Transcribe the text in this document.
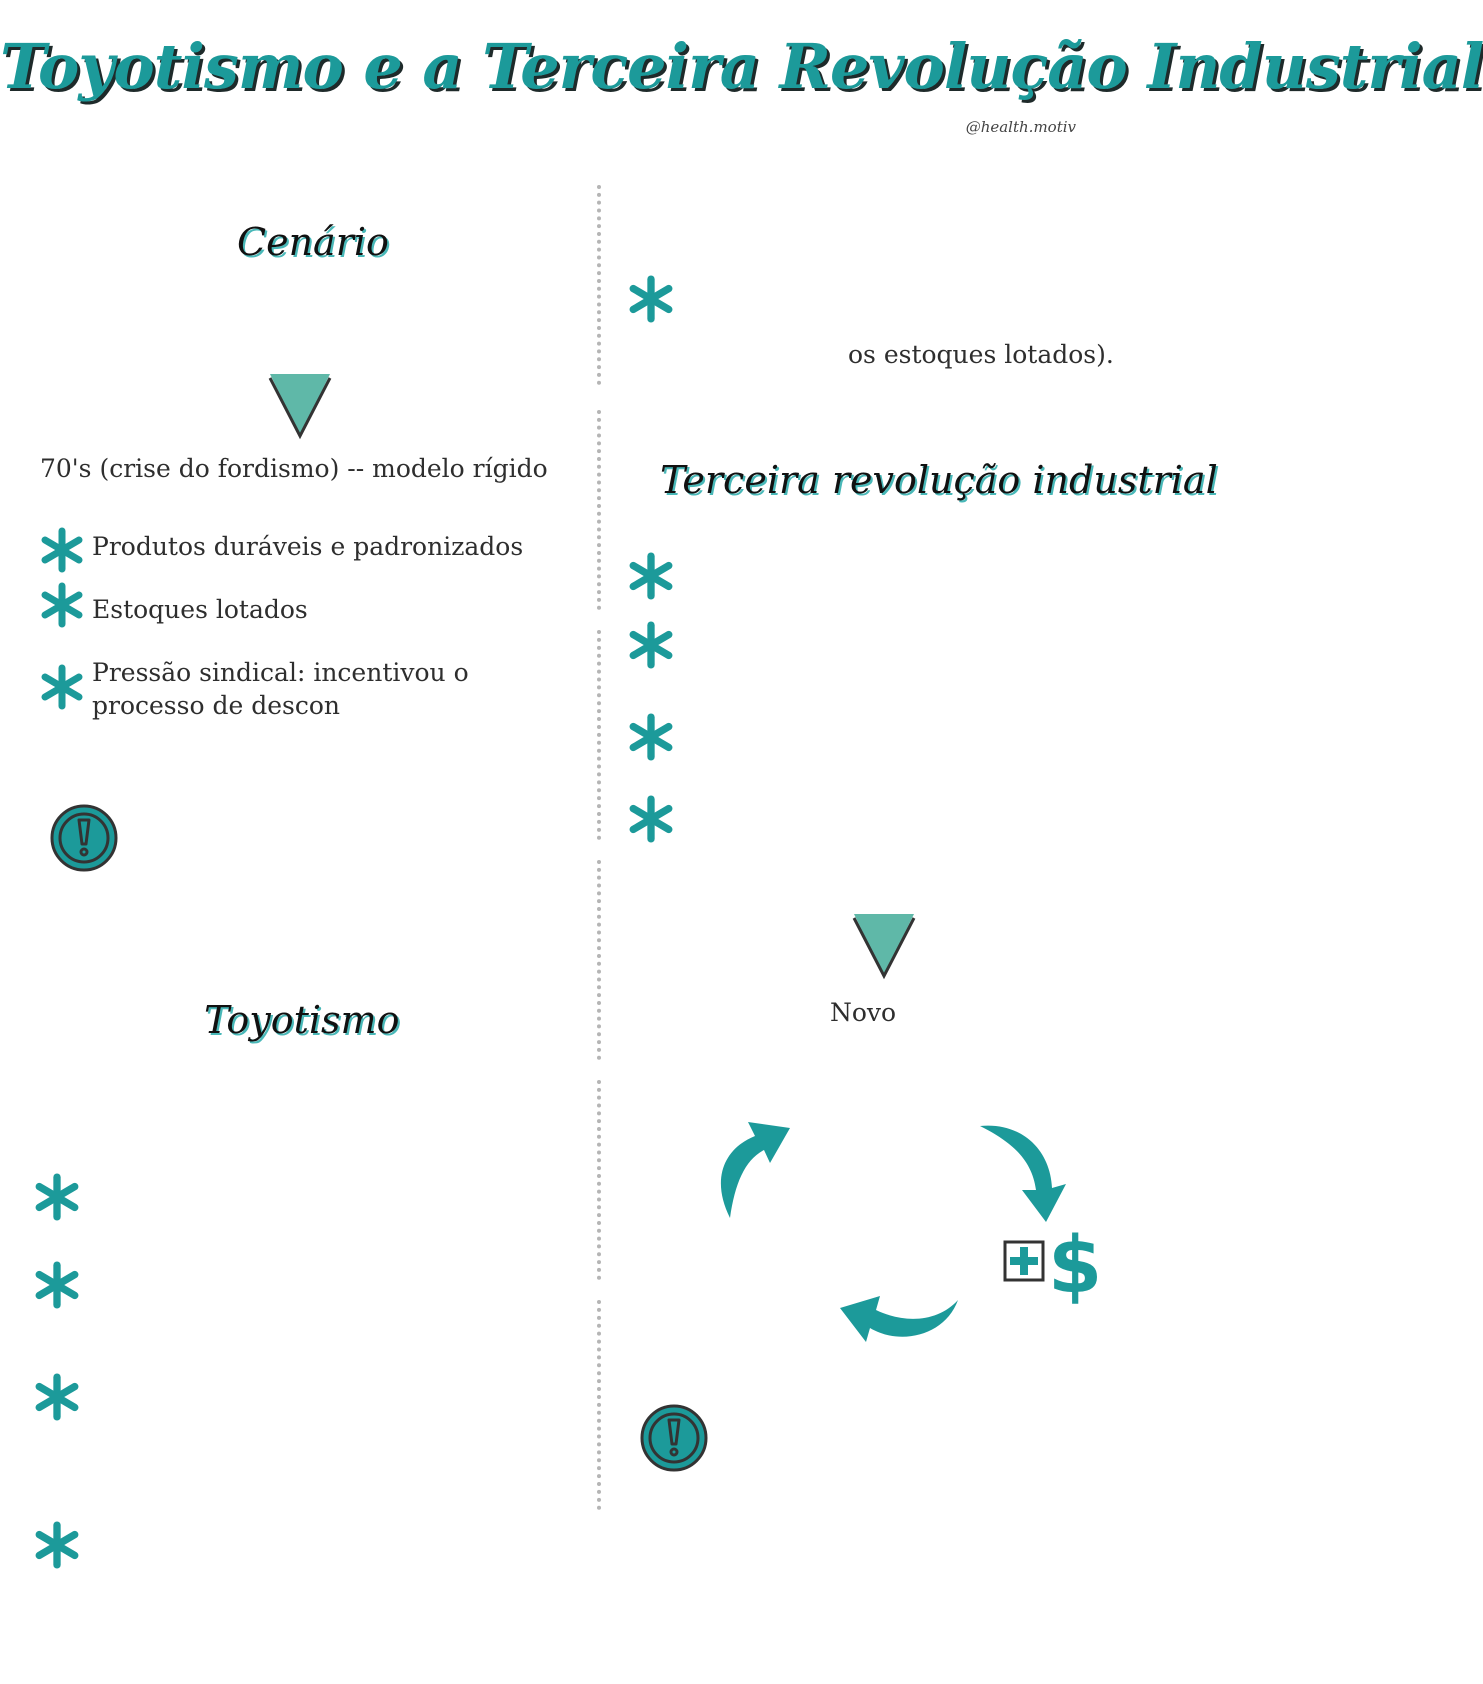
Toyotismo e a Terceira Revolução Industrial
@health.motiv
Cenário
70's (crise do fordismo) -- modelo rígido
Produtos duráveis e padronizados
Estoques lotados
Pressão sindical: incentivou o processo de descon
Toyotismo
os estoques lotados).
Terceira revolução industrial
Novo
$
